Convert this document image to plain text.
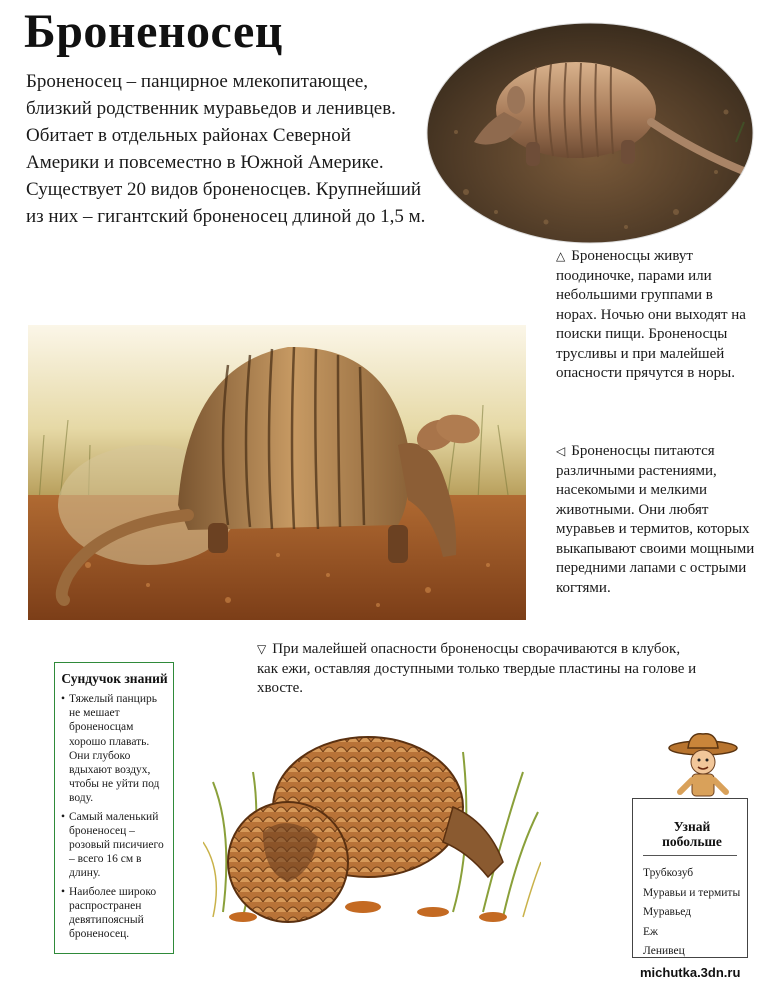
Броненосец

Броненосец – панцирное млекопитающее, близкий родственник муравьедов и ленивцев. Обитает в отдельных районах Северной Америки и повсеместно в Южной Америке. Существует 20 видов броненосцев. Крупнейший из них – гигантский броненосец длиной до 1,5 м.

△ Броненосцы живут поодиночке, парами или небольшими группами в норах. Ночью они выходят на поиски пищи. Броненосцы трусливы и при малейшей опасности прячутся в норы.

◁ Броненосцы питаются различными растениями, насекомыми и мелкими животными. Они любят муравьев и термитов, которых выкапывают своими мощными передними лапами с острыми когтями.

▽ При малейшей опасности броненосцы сворачиваются в клубок, как ежи, оставляя доступными только твердые пластины на голове и хвосте.

Сундучок знаний
• Тяжелый панцирь не мешает броненосцам хорошо плавать. Они глубоко вдыхают воздух, чтобы не уйти под воду.
• Самый маленький броненосец – розовый писичиего – всего 16 см в длину.
• Наиболее широко распространен девятипоясный броненосец.
Узнай побольше
Трубкозуб
Муравьи и термиты
Муравьед
Еж
Ленивец
michutka.3dn.ru
